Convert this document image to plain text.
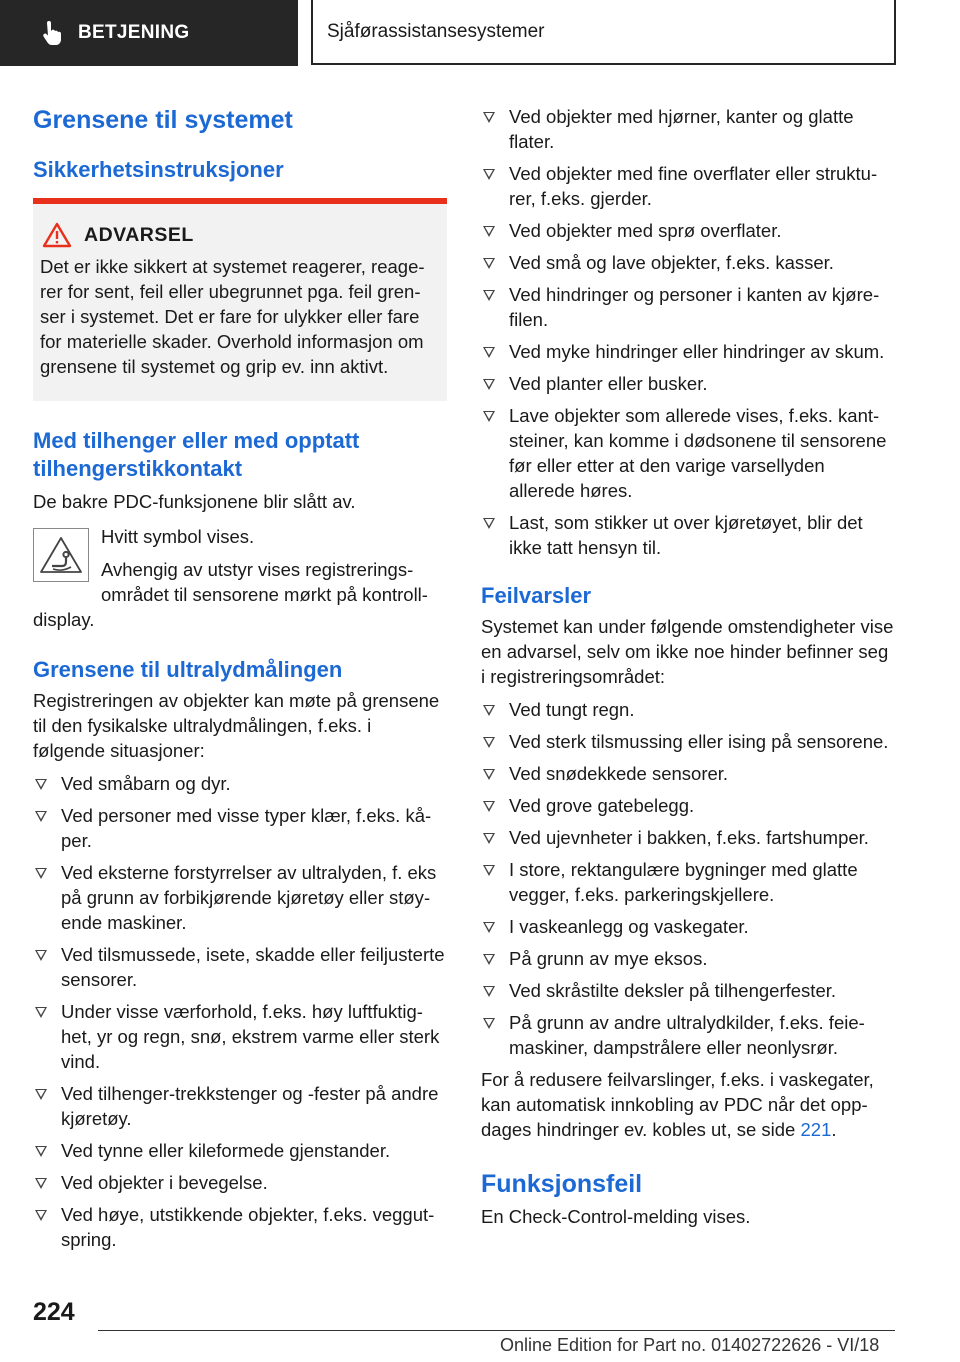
BETJENING	Sjåførassistansesystemer
Grensene til systemet
Sikkerhetsinstruksjoner
ADVARSEL
Det er ikke sikkert at systemet reagerer, reagerer for sent, feil eller ubegrunnet pga. feil grenser i systemet. Det er fare for ulykker eller fare for materielle skader. Overhold informasjon om grensene til systemet og grip ev. inn aktivt.
Med tilhenger eller med opptatt tilhengerstikkontakt

De bakre PDC-funksjonene blir slått av.

Hvitt symbol vises.

Avhengig av utstyr vises registreringsområdet til sensorene mørkt på kontrolldisplay.

Grensene til ultralydmålingen

Registreringen av objekter kan møte på grensene til den fysikalske ultralydmålingen, f.eks. i følgende situasjoner:

Ved småbarn og dyr.
Ved personer med visse typer klær, f.eks. kåper.
Ved eksterne forstyrrelser av ultralyden, f. eks på grunn av forbikjørende kjøretøy eller støyende maskiner.
Ved tilsmussede, isete, skadde eller feiljusterte sensorer.
Under visse værforhold, f.eks. høy luftfuktighet, yr og regn, snø, ekstrem varme eller sterk vind.
Ved tilhenger-trekkstenger og -fester på andre kjøretøy.
Ved tynne eller kileformede gjenstander.
Ved objekter i bevegelse.
Ved høye, utstikkende objekter, f.eks. veggutspring.
Ved objekter med hjørner, kanter og glatte flater.
Ved objekter med fine overflater eller strukturer, f.eks. gjerder.
Ved objekter med sprø overflater.
Ved små og lave objekter, f.eks. kasser.
Ved hindringer og personer i kanten av kjørefilen.
Ved myke hindringer eller hindringer av skum.
Ved planter eller busker.
Lave objekter som allerede vises, f.eks. kantsteiner, kan komme i dødsonene til sensorene før eller etter at den varige varsellyden allerede høres.
Last, som stikker ut over kjøretøyet, blir det ikke tatt hensyn til.
Feilvarsler

Systemet kan under følgende omstendigheter vise en advarsel, selv om ikke noe hinder befinner seg i registreringsområdet:

Ved tungt regn.
Ved sterk tilsmussing eller ising på sensorene.
Ved snødekkede sensorer.
Ved grove gatebelegg.
Ved ujevnheter i bakken, f.eks. fartshumper.
I store, rektangulære bygninger med glatte vegger, f.eks. parkeringskjellere.
I vaskeanlegg og vaskegater.
På grunn av mye eksos.
Ved skråstilte deksler på tilhengerfester.
På grunn av andre ultralydkilder, f.eks. feiemaskiner, dampstrålere eller neonlysrør.

For å redusere feilvarslinger, f.eks. i vaskegater, kan automatisk innkobling av PDC når det oppdages hindringer ev. kobles ut, se side 221.

Funksjonsfeil

En Check-Control-melding vises.

224
Online Edition for Part no. 01402722626 - VI/18
